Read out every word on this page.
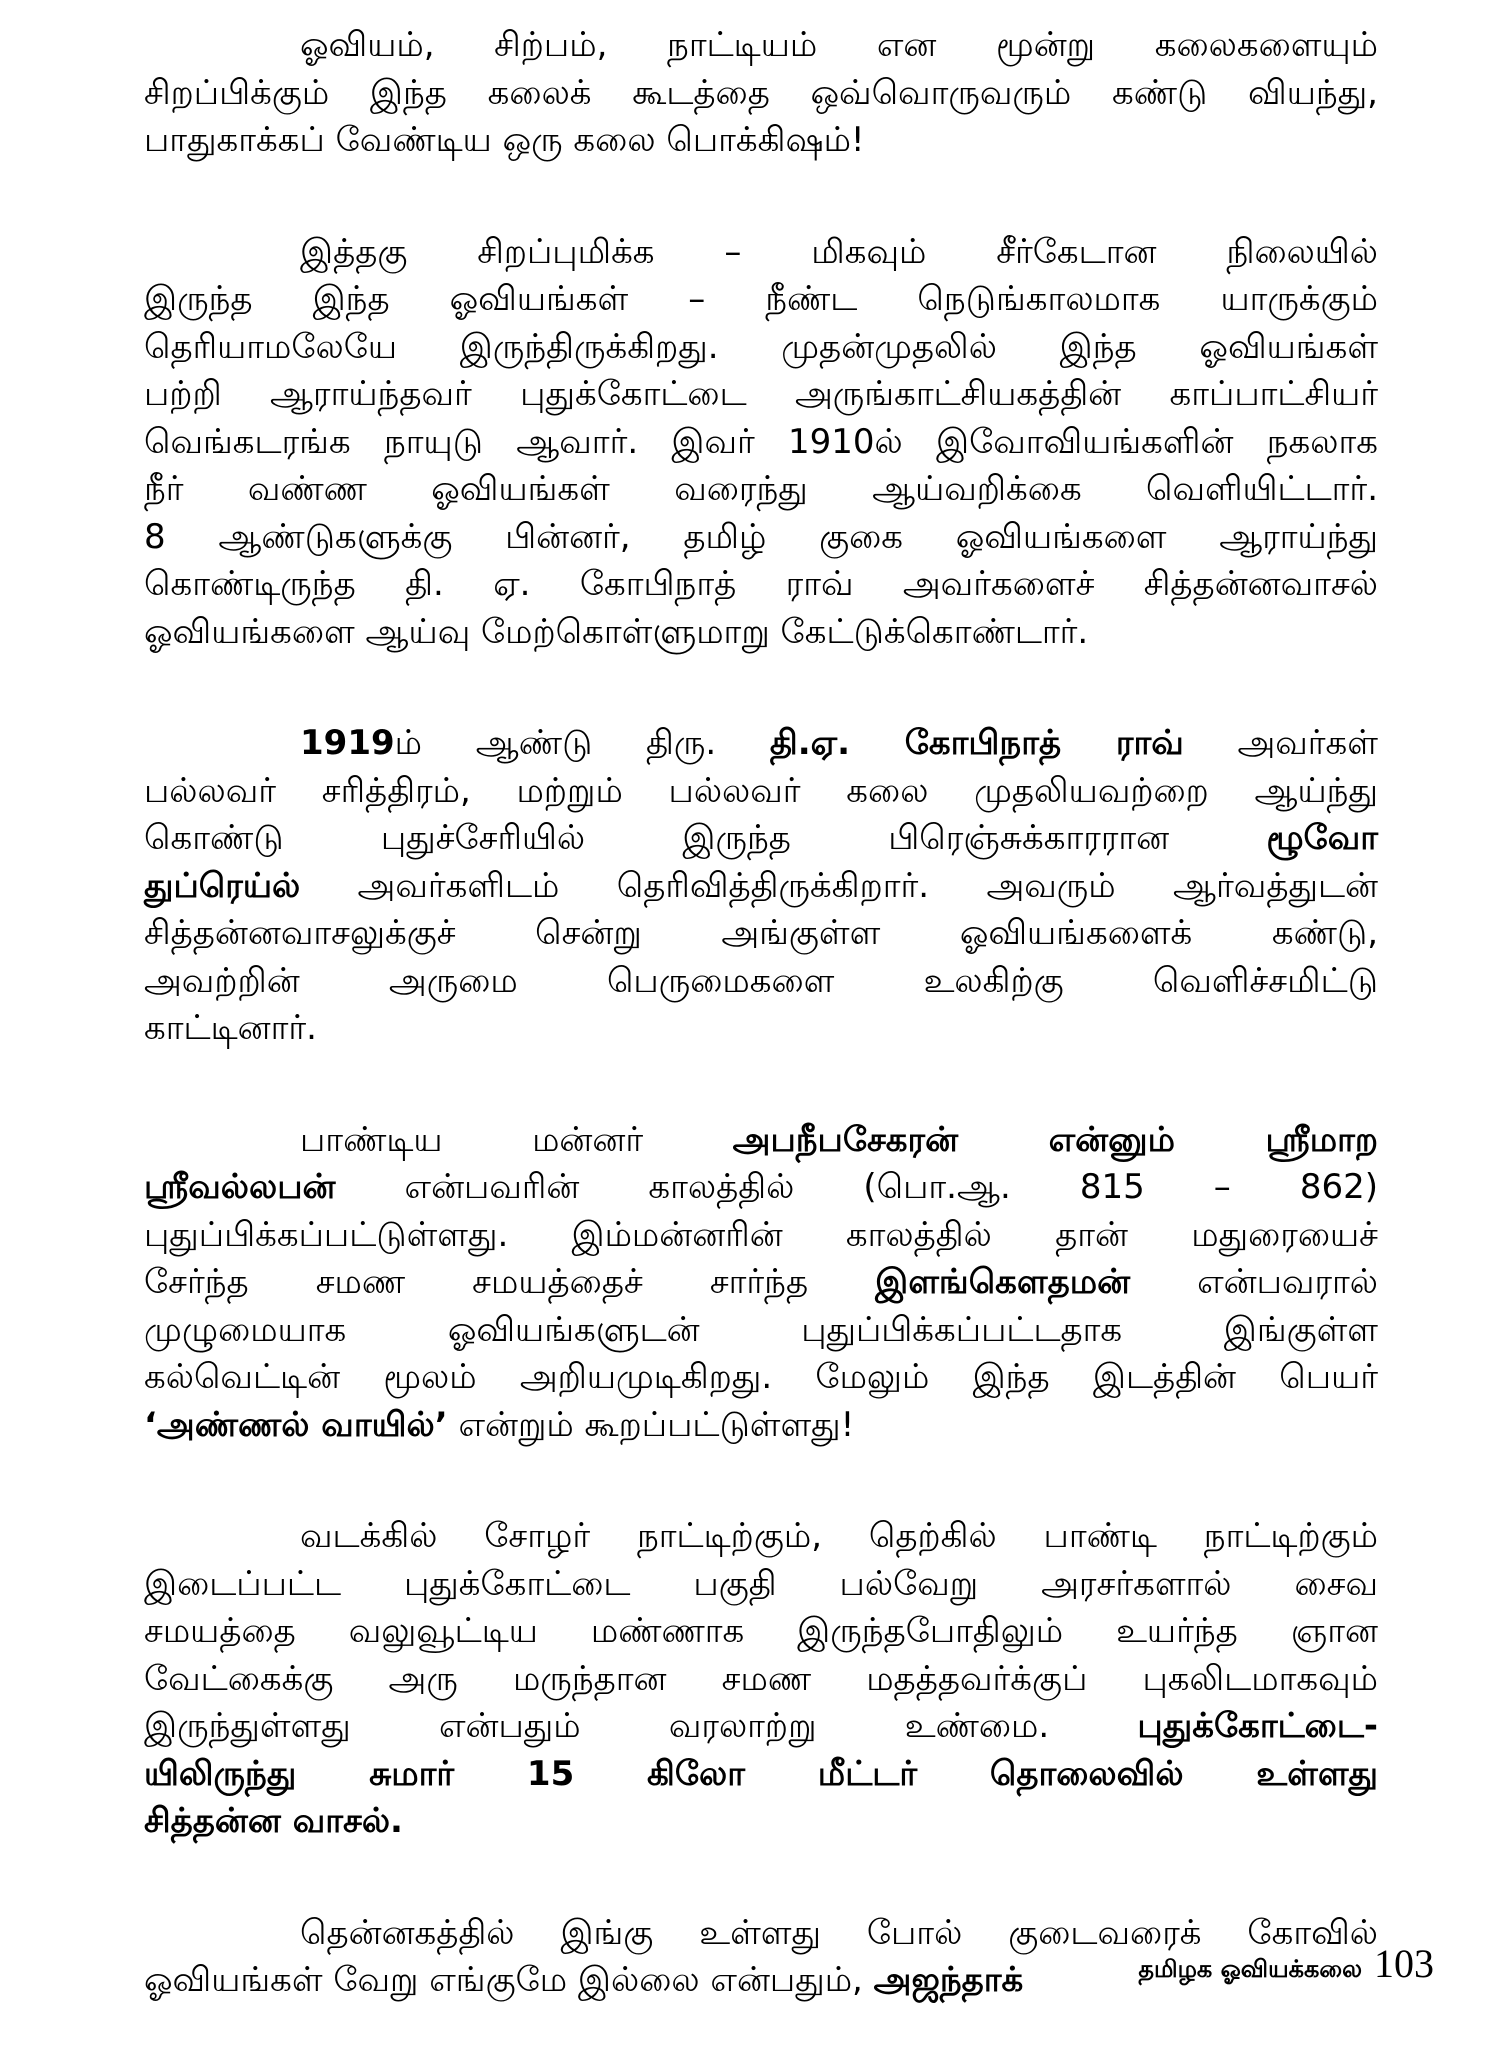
ஓவியம், சிற்பம், நாட்டியம் என மூன்று கலைகளையும்
சிறப்பிக்கும் இந்த கலைக் கூடத்தை ஒவ்வொருவரும் கண்டு வியந்து,
பாதுகாக்கப் வேண்டிய ஒரு கலை பொக்கிஷம்!
இத்தகு சிறப்புமிக்க – மிகவும் சீர்கேடான நிலையில்
இருந்த இந்த ஓவியங்கள் – நீண்ட நெடுங்காலமாக யாருக்கும்
தெரியாமலேயே இருந்திருக்கிறது. முதன்முதலில் இந்த ஓவியங்கள்
பற்றி ஆராய்ந்தவர் புதுக்கோட்டை அருங்காட்சியகத்தின் காப்பாட்சியர்
வெங்கடரங்க நாயுடு ஆவார். இவர் 1910ல் இவோவியங்களின் நகலாக
நீர் வண்ண ஓவியங்கள் வரைந்து ஆய்வறிக்கை வெளியிட்டார்.
8 ஆண்டுகளுக்கு பின்னர், தமிழ் குகை ஓவியங்களை ஆராய்ந்து
கொண்டிருந்த தி. ஏ. கோபிநாத் ராவ் அவர்களைச் சித்தன்னவாசல்
ஓவியங்களை ஆய்வு மேற்கொள்ளுமாறு கேட்டுக்கொண்டார்.
1919ம் ஆண்டு திரு. தி.ஏ. கோபிநாத் ராவ் அவர்கள்
பல்லவர் சரித்திரம், மற்றும் பல்லவர் கலை முதலியவற்றை ஆய்ந்து
கொண்டு புதுச்சேரியில் இருந்த பிரெஞ்சுக்காரரான ழூவோ
துப்ரெய்ல் அவர்களிடம் தெரிவித்திருக்கிறார். அவரும் ஆர்வத்துடன்
சித்தன்னவாசலுக்குச் சென்று அங்குள்ள ஓவியங்களைக் கண்டு,
அவற்றின் அருமை பெருமைகளை உலகிற்கு வெளிச்சமிட்டு
காட்டினார்.
பாண்டிய மன்னர் அபநீபசேகரன் என்னும் ஸ்ரீமாற
ஸ்ரீவல்லபன் என்பவரின் காலத்தில் (பொ.ஆ. 815 – 862)
புதுப்பிக்கப்பட்டுள்ளது. இம்மன்னரின் காலத்தில் தான் மதுரையைச்
சேர்ந்த சமண சமயத்தைச் சார்ந்த இளங்கௌதமன் என்பவரால்
முழுமையாக ஓவியங்களுடன் புதுப்பிக்கப்பட்டதாக இங்குள்ள
கல்வெட்டின் மூலம் அறியமுடிகிறது. மேலும் இந்த இடத்தின் பெயர்
‘அண்ணல் வாயில்’ என்றும் கூறப்பட்டுள்ளது!
வடக்கில் சோழர் நாட்டிற்கும், தெற்கில் பாண்டி நாட்டிற்கும்
இடைப்பட்ட புதுக்கோட்டை பகுதி பல்வேறு அரசர்களால் சைவ
சமயத்தை வலுவூட்டிய மண்ணாக இருந்தபோதிலும் உயர்ந்த ஞான
வேட்கைக்கு அரு மருந்தான சமண மதத்தவர்க்குப் புகலிடமாகவும்
இருந்துள்ளது என்பதும் வரலாற்று உண்மை. புதுக்கோட்டை-
யிலிருந்து சுமார் 15 கிலோ மீட்டர் தொலைவில் உள்ளது
சித்தன்ன வாசல்.
தென்னகத்தில் இங்கு உள்ளது போல் குடைவரைக் கோவில்
ஓவியங்கள் வேறு எங்குமே இல்லை என்பதும், அஜந்தாக்	தமிழக ஓவியக்கலை 103
